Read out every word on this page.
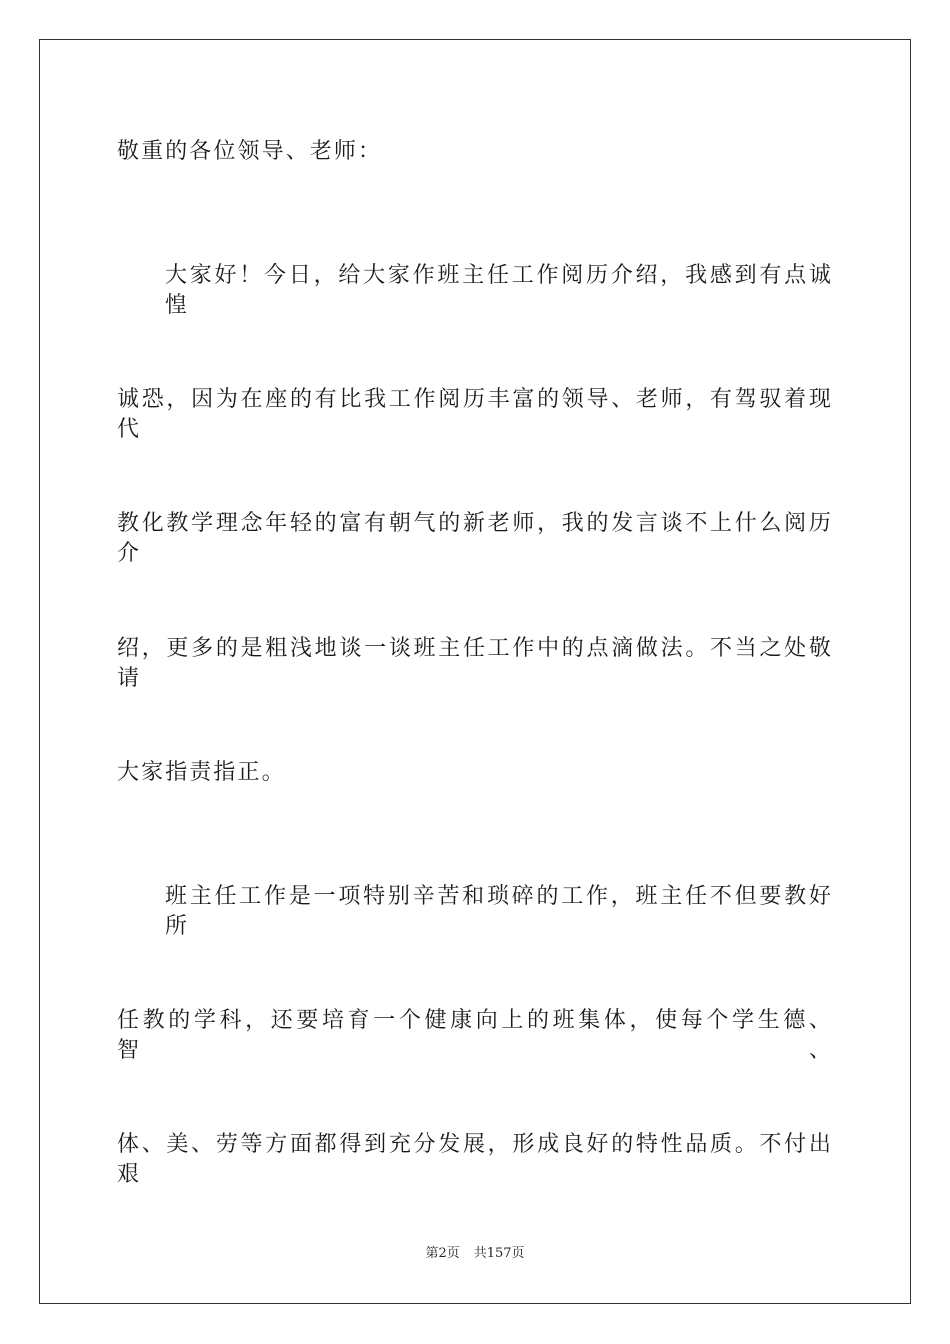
敬重的各位领导、老师：
大家好！今日，给大家作班主任工作阅历介绍，我感到有点诚惶
诚恐，因为在座的有比我工作阅历丰富的领导、老师，有驾驭着现代
教化教学理念年轻的富有朝气的新老师，我的发言谈不上什么阅历介
绍，更多的是粗浅地谈一谈班主任工作中的点滴做法。不当之处敬请
大家指责指正。
班主任工作是一项特别辛苦和琐碎的工作，班主任不但要教好所
任教的学科，还要培育一个健康向上的班集体，使每个学生德、智、
体、美、劳等方面都得到充分发展，形成良好的特性品质。不付出艰
第2页 共157页
